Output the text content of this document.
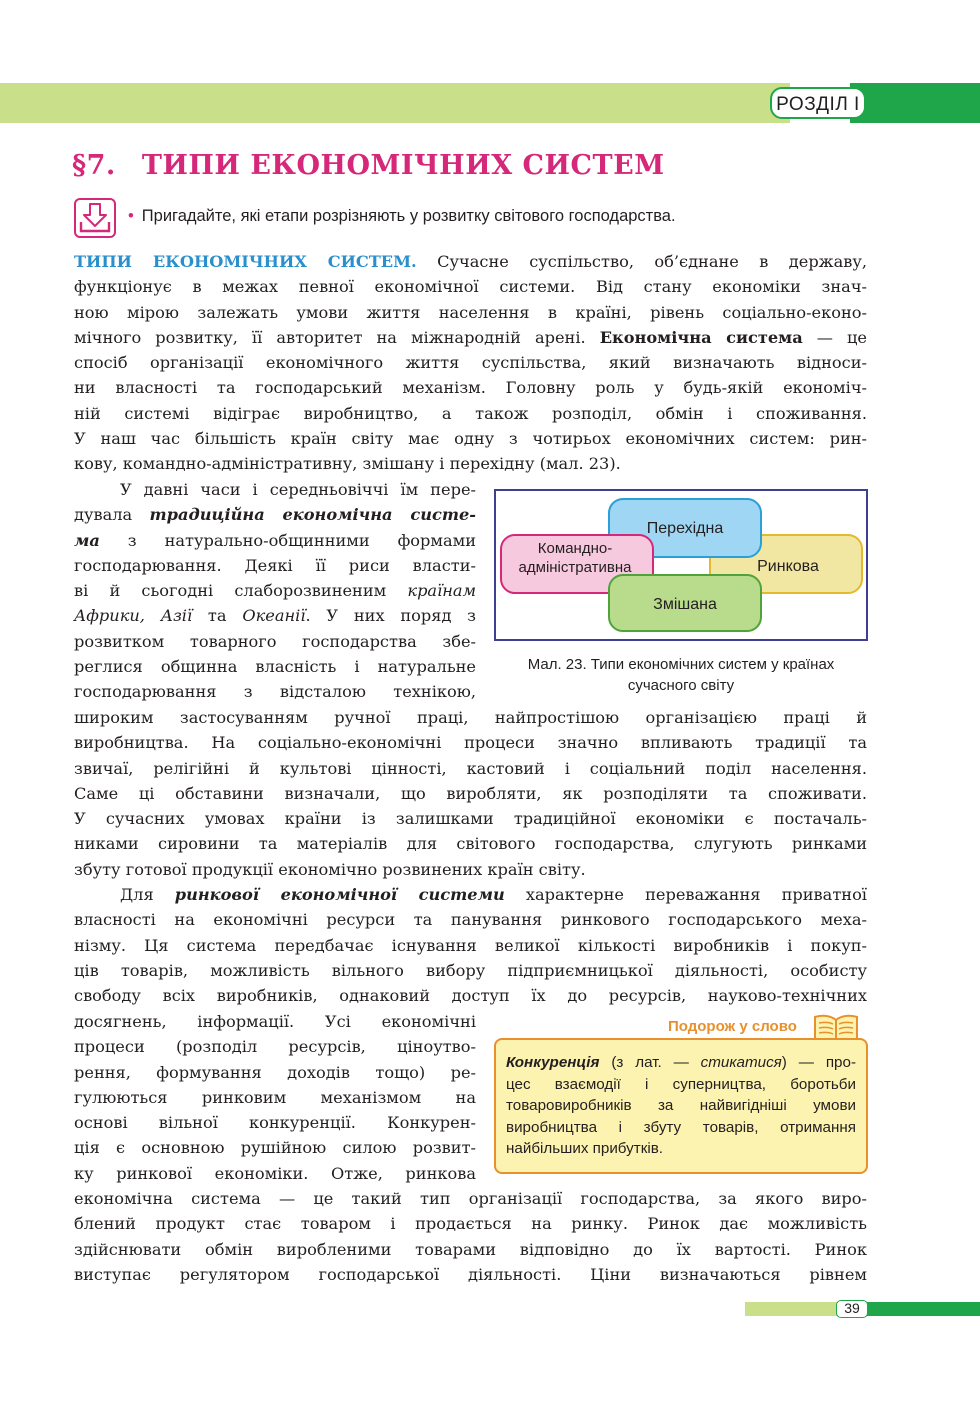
РОЗДІЛ І
§7. ТИПИ ЕКОНОМІЧНИХ СИСТЕМ
• Пригадайте, які етапи розрізняють у розвитку світового господарства.
ТИПИ ЕКОНОМІЧНИХ СИСТЕМ. Сучасне суспільство, об’єднане в державу,
функціонує в межах певної економічної системи. Від стану економіки знач-
ною мірою залежать умови життя населення в країні, рівень соціально-еконо-
мічного розвитку, її авторитет на міжнародній арені. Економічна система — це
спосіб організації економічного життя суспільства, який визначають відноси-
ни власності та господарський механізм. Головну роль у будь-якій економіч-
ній системі відіграє виробництво, а також розподіл, обмін і споживання.
У наш час більшість країн світу має одну з чотирьох економічних систем: рин-
кову, командно-адміністративну, змішану і перехідну (мал. 23).
У давні часи і середньовіччі їм пере-
дувала традиційна економічна систе-
ма з натурально-общинними формами
господарювання. Деякі її риси власти-
ві й сьогодні слаборозвиненим країнам
Африки, Азії та Океанії. У них поряд з
розвитком товарного господарства збе-
реглися общинна власність і натуральне
господарювання з відсталою технікою,
широким застосуванням ручної праці, найпростішою організацією праці й
виробництва. На соціально-економічні процеси значно впливають традиції та
звичаї, релігійні й культові цінності, кастовий і соціальний поділ населення.
Саме ці обставини визначали, що виробляти, як розподіляти та споживати.
У сучасних умовах країни із залишками традиційної економіки є постачаль-
никами сировини та матеріалів для світового господарства, слугують ринками
збуту готової продукції економічно розвинених країн світу.
Для ринкової економічної системи характерне переважання приватної
власності на економічні ресурси та панування ринкового господарського меха-
нізму. Ця система передбачає існування великої кількості виробників і покуп-
ців товарів, можливість вільного вибору підприємницької діяльності, особисту
свободу всіх виробників, однаковий доступ їх до ресурсів, науково-технічних
досягнень, інформації. Усі економічні
процеси (розподіл ресурсів, ціноутво-
рення, формування доходів тощо) ре-
гулюються ринковим механізмом на
основі вільної конкуренції. Конкурен-
ція є основною рушійною силою розвит-
ку ринкової економіки. Отже, ринкова
економічна система — це такий тип організації господарства, за якого виро-
блений продукт стає товаром і продається на ринку. Ринок дає можливість
здійснювати обмін виробленими товарами відповідно до їх вартості. Ринок
виступає регулятором господарської діяльності. Ціни визначаються рівнем
Перехідна
Командно-
адміністративна	Ринкова
Змішана
Мал. 23. Типи економічних систем у країнах
сучасного світу
Подорож у слово
Конкуренція (з лат. — стикатися) — про-
цес взаємодії і суперництва, боротьби
товаровиробників за найвигідніші умови
виробництва і збуту товарів, отримання
найбільших прибутків.
39
